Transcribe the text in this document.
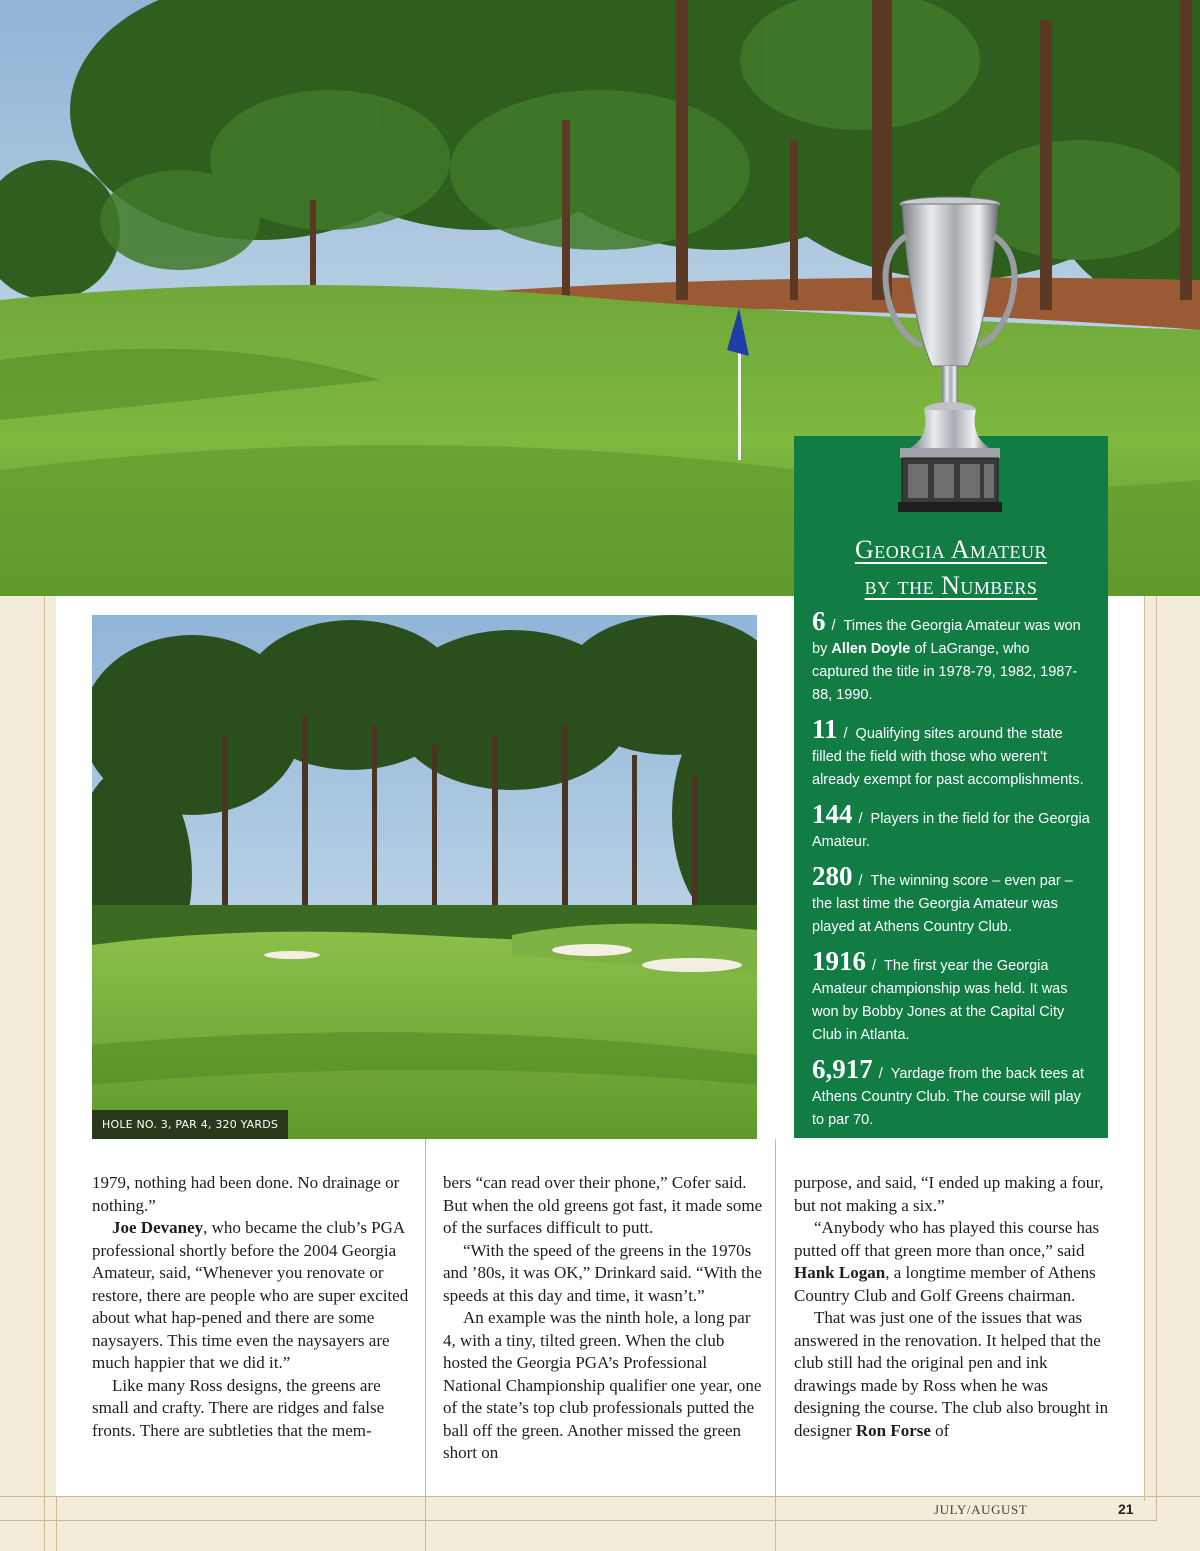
HOLE NO. 3, PAR 4, 320 YARDS
Georgia Amateur
by the Numbers
6 / Times the Georgia Amateur was won by Allen Doyle of LaGrange, who captured the title in 1978-79, 1982, 1987-88, 1990.
11 / Qualifying sites around the state filled the field with those who weren't already exempt for past accomplishments.
144 / Players in the field for the Georgia Amateur.
280 / The winning score – even par – the last time the Georgia Amateur was played at Athens Country Club.
1916 / The first year the Georgia Amateur championship was held. It was won by Bobby Jones at the Capital City Club in Atlanta.
6,917 / Yardage from the back tees at Athens Country Club. The course will play to par 70.

1979, nothing had been done. No drainage or nothing.”

Joe Devaney, who became the club’s PGA professional shortly before the 2004 Georgia Amateur, said, “Whenever you renovate or restore, there are people who are super excited about what hap-pened and there are some naysayers. This time even the naysayers are much happier that we did it.”

Like many Ross designs, the greens are small and crafty. There are ridges and false fronts. There are subtleties that the mem-

bers “can read over their phone,” Cofer said. But when the old greens got fast, it made some of the surfaces difficult to putt.

“With the speed of the greens in the 1970s and ’80s, it was OK,” Drinkard said. “With the speeds at this day and time, it wasn’t.”

An example was the ninth hole, a long par 4, with a tiny, tilted green. When the club hosted the Georgia PGA’s Professional National Championship qualifier one year, one of the state’s top club professionals putted the ball off the green. Another missed the green short on

purpose, and said, “I ended up making a four, but not making a six.”

“Anybody who has played this course has putted off that green more than once,” said Hank Logan, a longtime member of Athens Country Club and Golf Greens chairman.

That was just one of the issues that was answered in the renovation. It helped that the club still had the original pen and ink drawings made by Ross when he was designing the course. The club also brought in designer Ron Forse of

JULY/AUGUST	21
